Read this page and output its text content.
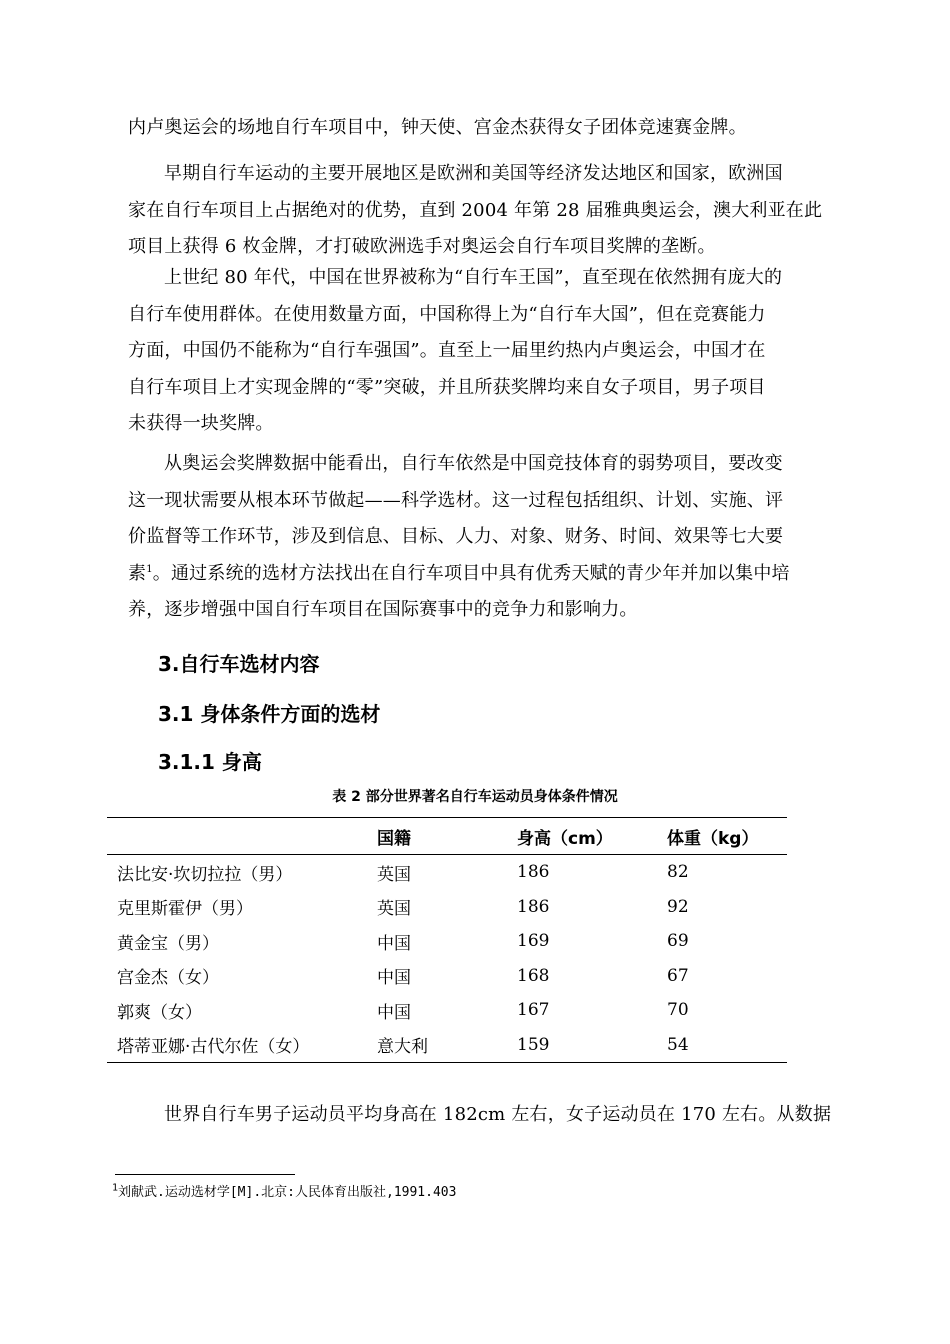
内卢奥运会的场地自行车项目中，钟天使、宫金杰获得女子团体竞速赛金牌。

早期自行车运动的主要开展地区是欧洲和美国等经济发达地区和国家，欧洲国
家在自行车项目上占据绝对的优势，直到 2004 年第 28 届雅典奥运会，澳大利亚在此
项目上获得 6 枚金牌，才打破欧洲选手对奥运会自行车项目奖牌的垄断。

上世纪 80 年代，中国在世界被称为“自行车王国”，直至现在依然拥有庞大的
自行车使用群体。在使用数量方面，中国称得上为“自行车大国”，但在竞赛能力
方面，中国仍不能称为“自行车强国”。直至上一届里约热内卢奥运会，中国才在
自行车项目上才实现金牌的“零”突破，并且所获奖牌均来自女子项目，男子项目
未获得一块奖牌。

从奥运会奖牌数据中能看出，自行车依然是中国竞技体育的弱势项目，要改变
这一现状需要从根本环节做起——科学选材。这一过程包括组织、计划、实施、评
价监督等工作环节，涉及到信息、目标、人力、对象、财务、时间、效果等七大要
素$^1$。通过系统的选材方法找出在自行车项目中具有优秀天赋的青少年并加以集中培
养，逐步增强中国自行车项目在国际赛事中的竞争力和影响力。

3.自行车选材内容
3.1 身体条件方面的选材
3.1.1 身高

表 2 部分世界著名自行车运动员身体条件情况

	国籍	身高（cm）	体重（kg）
法比安·坎切拉拉（男）	英国	186	82
克里斯霍伊（男）	英国	186	92
黄金宝（男）	中国	169	69
宫金杰（女）	中国	168	67
郭爽（女）	中国	167	70
塔蒂亚娜·古代尔佐（女）	意大利	159	54

世界自行车男子运动员平均身高在 182cm 左右，女子运动员在 170 左右。从数据

$^1$刘献武.运动选材学[M].北京:人民体育出版社,1991.403
